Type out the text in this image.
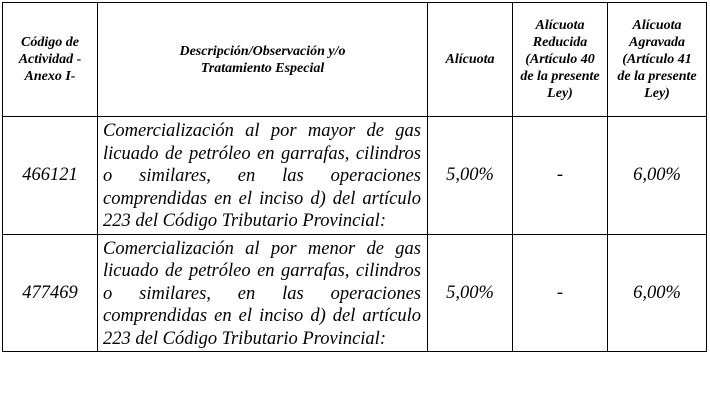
Código de Actividad -Anexo I-	Descripción/Observación y/o Tratamiento Especial	Alícuota	Alícuota Reducida (Artículo 40 de la presente Ley)	Alícuota Agravada (Artículo 41 de la presente Ley)

466121	Comercialización al por mayor de gas licuado de petróleo en garrafas, cilindros o similares, en las operaciones comprendidas en el inciso d) del artículo 223 del Código Tributario Provincial:	5,00%	-	6,00%
477469	Comercialización al por menor de gas licuado de petróleo en garrafas, cilindros o similares, en las operaciones comprendidas en el inciso d) del artículo 223 del Código Tributario Provincial:	5,00%	-	6,00%
